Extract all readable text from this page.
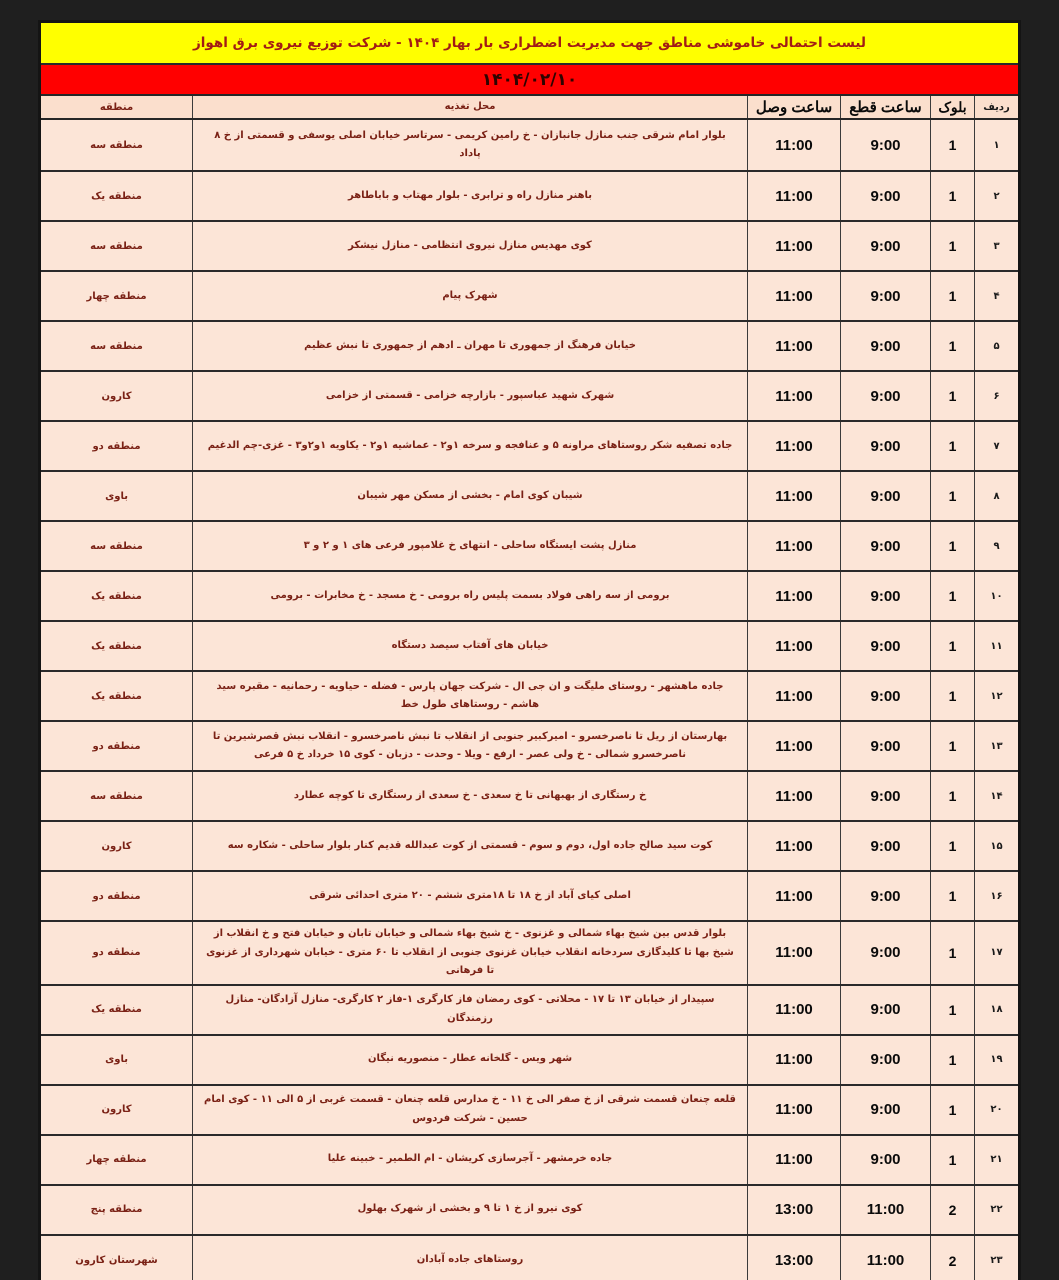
لیست احتمالی خاموشی مناطق جهت مدیریت اضطراری بار بهار ۱۴۰۴ - شرکت توزیع نیروی برق اهواز
۱۴۰۴/۰۲/۱۰
ردیف
بلوک
ساعت قطع
ساعت وصل
محل تغذیه
منطقه
۱
1
9:00
11:00
بلوار امام شرقی جنب منازل جانبازان - خ رامین کریمی - سرتاسر خیابان اصلی یوسفی و قسمتی از خ ۸ پاداد
منطقه سه
۲
1
9:00
11:00
باهنر منازل راه و ترابری - بلوار مهتاب و باباطاهر
منطقه یک
۳
1
9:00
11:00
کوی مهدیس منازل نیروی انتظامی - منازل نیشکر
منطقه سه
۴
1
9:00
11:00
شهرک پیام
منطقه چهار
۵
1
9:00
11:00
خیابان فرهنگ از جمهوری تا مهران ـ ادهم از جمهوری تا نبش عظیم
منطقه سه
۶
1
9:00
11:00
شهرک شهید عباسپور - بازارچه خزامی - قسمتی از خزامی
کارون
۷
1
9:00
11:00
جاده تصفیه شکر روستاهای مراونه ۵ و عنافجه و سرخه ۱و۲ - عماشیه ۱و۲ - یکاویه ۱و۲و۳ - غزی-چم الدغیم
منطقه دو
۸
1
9:00
11:00
شیبان کوی امام - بخشی از مسکن مهر شیبان
باوی
۹
1
9:00
11:00
منازل پشت ایستگاه ساحلی - انتهای خ غلامپور فرعی های ۱ و ۲ و ۳
منطقه سه
۱۰
1
9:00
11:00
برومی از سه راهی فولاد بسمت پلیس راه برومی - خ مسجد - خ مخابرات - برومی
منطقه یک
۱۱
1
9:00
11:00
خیابان های آفتاب سیصد دستگاه
منطقه یک
۱۲
1
9:00
11:00
جاده ماهشهر - روستای ملیگت و ان جی ال - شرکت جهان پارس - فضله - حیاویه - رحمانیه - مقبره سید هاشم - روستاهای طول خط
منطقه یک
۱۳
1
9:00
11:00
بهارستان از ریل تا ناصرخسرو - امیرکبیر جنوبی از انقلاب تا نبش ناصرخسرو - انقلاب نبش قصرشیرین تا ناصرخسرو شمالی - خ ولی عصر - ارفع - ویلا - وحدت - دزبان - کوی ۱۵ خرداد خ ۵ فرعی
منطقه دو
۱۴
1
9:00
11:00
خ رستگاری از بهبهانی تا خ سعدی - خ سعدی از رستگاری تا کوچه عطارد
منطقه سه
۱۵
1
9:00
11:00
کوت سید صالح جاده اول، دوم و سوم - قسمتی از کوت عبدالله قدیم کنار بلوار ساحلی - شکاره سه
کارون
۱۶
1
9:00
11:00
اصلی کیای آباد از خ ۱۸ تا ۱۸متری ششم - ۲۰ متری احدائی شرقی
منطقه دو
۱۷
1
9:00
11:00
بلوار قدس بین شیخ بهاء شمالی و غزنوی - خ شیخ بهاء شمالی و خیابان تابان و خیابان فتح و خ انقلاب از شیخ بها تا کلیدگازی سردخانه انقلاب خیابان غزنوی جنوبی از انقلاب تا ۶۰ متری - خیابان شهرداری از غزنوی تا فرهانی
منطقه دو
۱۸
1
9:00
11:00
سپیدار از خیابان ۱۳ تا ۱۷ - محلاتی - کوی رمضان فاز کارگری ۱-فاز ۲ کارگری- منازل آزادگان- منازل رزمندگان
منطقه یک
۱۹
1
9:00
11:00
شهر ویس - گلخانه عطار - منصوریه نیگان
باوی
۲۰
1
9:00
11:00
قلعه چنعان قسمت شرقی از خ صفر الی خ ۱۱ - خ مدارس قلعه چنعان - قسمت غربی از ۵ الی ۱۱ - کوی امام حسین - شرکت فردوس
کارون
۲۱
1
9:00
11:00
جاده خرمشهر - آجرسازی کریشان - ام الطمیر - خبینه علیا
منطقه چهار
۲۲
2
11:00
13:00
کوی نیرو از خ ۱ تا ۹ و بخشی از شهرک بهلول
منطقه پنج
۲۳
2
11:00
13:00
روستاهای جاده آبادان
شهرستان کارون
